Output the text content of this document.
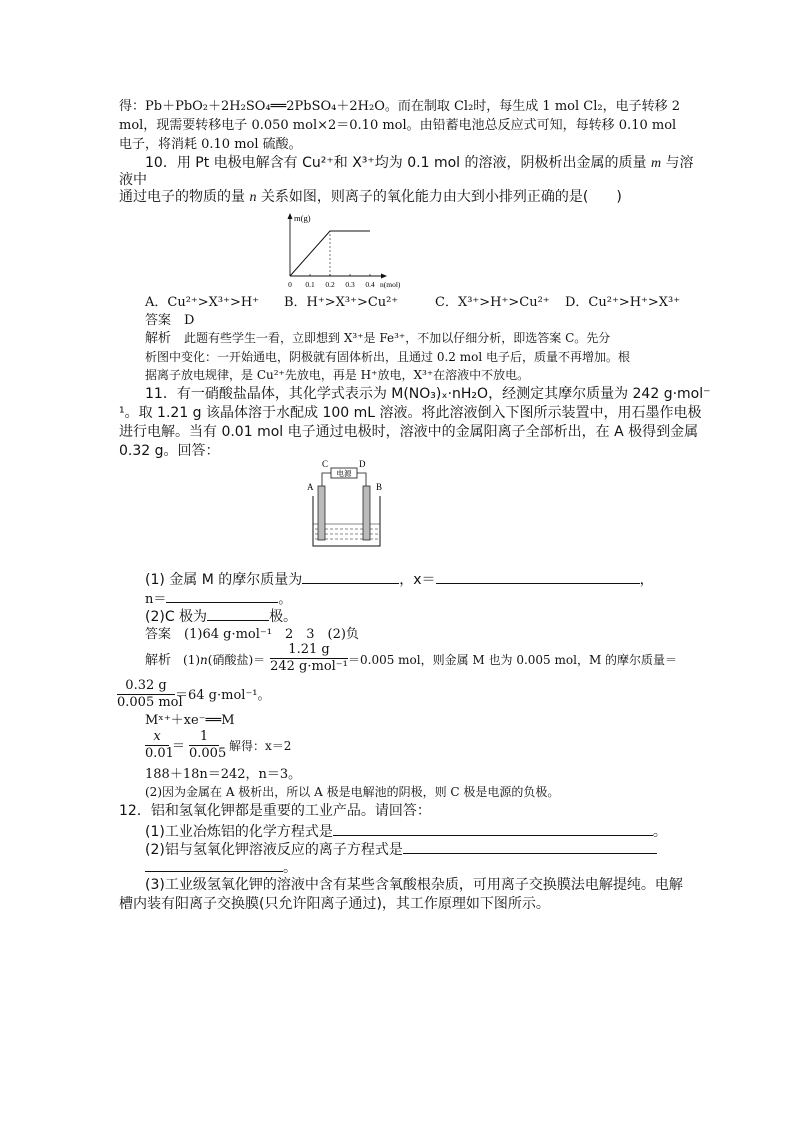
得：Pb＋PbO₂＋2H₂SO₄══2PbSO₄＋2H₂O。而在制取 Cl₂时，每生成 1 mol Cl₂，电子转移 2
mol，现需要转移电子 0.050 mol×2＝0.10 mol。由铅蓄电池总反应式可知，每转移 0.10 mol
电子，将消耗 0.10 mol 硫酸。
10．用 Pt 电极电解含有 Cu²⁺和 X³⁺均为 0.1 mol 的溶液，阴极析出金属的质量 m 与溶
液中
通过电子的物质的量 n 关系如图，则离子的氧化能力由大到小排列正确的是(　　)
m(g)
0 0.1 0.2 0.3 0.4 n(mol)
A．Cu²⁺>X³⁺>H⁺ B．H⁺>X³⁺>Cu²⁺	C．X³⁺>H⁺>Cu²⁺ D．Cu²⁺>H⁺>X³⁺
答案　 D
解析　 此题有些学生一看，立即想到 X³⁺是 Fe³⁺，不加以仔细分析，即选答案 C。先分
析图中变化：一开始通电，阴极就有固体析出，且通过 0.2 mol 电子后，质量不再增加。根
据离子放电规律，是 Cu²⁺先放电，再是 H⁺放电，X³⁺在溶液中不放电。
11．有一硝酸盐晶体，其化学式表示为 M(NO₃)ₓ·nH₂O，经测定其摩尔质量为 242 g·mol⁻
¹。取 1.21 g 该晶体溶于水配成 100 mL 溶液。将此溶液倒入下图所示装置中，用石墨作电极
进行电解。当有 0.01 mol 电子通过电极时，溶液中的金属阳离子全部析出，在 A 极得到金属
0.32 g。回答：
C	D
电源
A	B
(1) 金属 M 的摩尔质量为	，x＝	，
n＝	。
(2)C 极为	极。
答案　 (1)64 g·mol⁻¹　2　3　(2)负
解析　 (1)n(硝酸盐)＝
1.21 g
242 g·mol⁻¹ ＝0.005 mol，则金属 M 也为 0.005 mol，M 的摩尔质量＝
0.32 g
0.005 mol
＝64 g·mol⁻¹。
Mˣ⁺＋xe⁻══M
x
0.01
＝
1
0.005 解得：x＝2
188＋18n＝242，n＝3。
(2)因为金属在 A 极析出，所以 A 极是电解池的阴极，则 C 极是电源的负极。
12．铝和氢氧化钾都是重要的工业产品。请回答：
(1)工业冶炼铝的化学方程式是	。
(2)铝与氢氧化钾溶液反应的离子方程式是
。
(3)工业级氢氧化钾的溶液中含有某些含氧酸根杂质，可用离子交换膜法电解提纯。电解
槽内装有阳离子交换膜(只允许阳离子通过)，其工作原理如下图所示。
